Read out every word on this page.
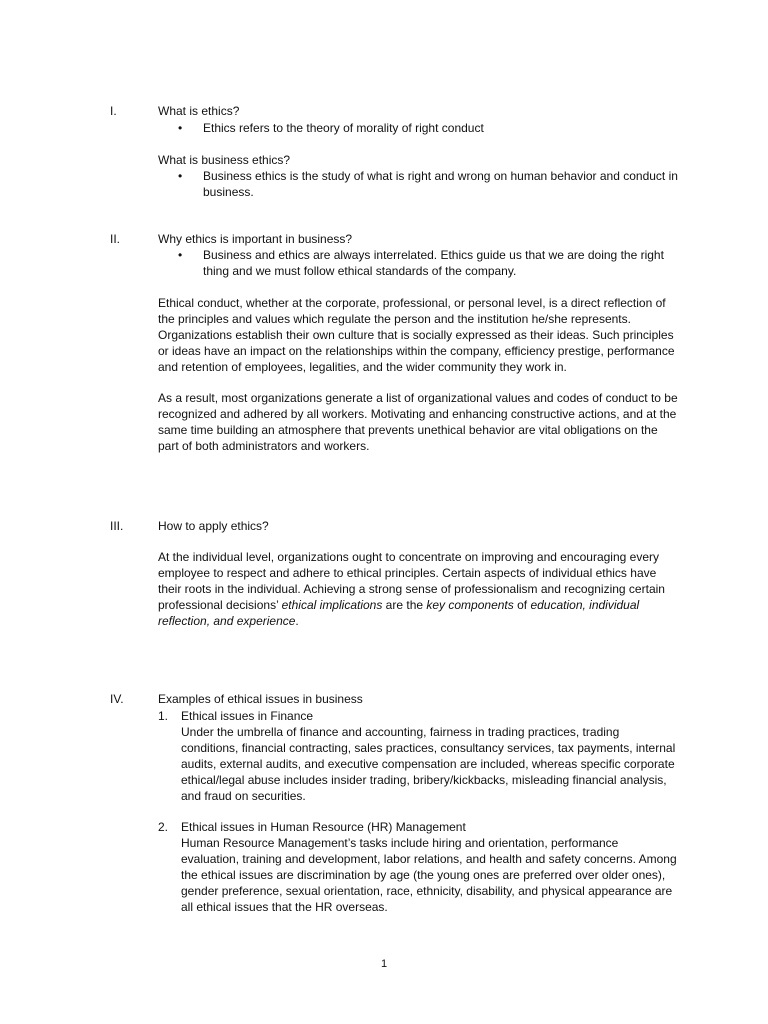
I.	What is ethics?
•	Ethics refers to the theory of morality of right conduct
What is business ethics?
•	Business ethics is the study of what is right and wrong on human behavior and conduct in business.
II.	Why ethics is important in business?
•	Business and ethics are always interrelated. Ethics guide us that we are doing the right thing and we must follow ethical standards of the company.
Ethical conduct, whether at the corporate, professional, or personal level, is a direct reflection of the principles and values which regulate the person and the institution he/she represents. Organizations establish their own culture that is socially expressed as their ideas. Such principles or ideas have an impact on the relationships within the company, efficiency prestige, performance and retention of employees, legalities, and the wider community they work in.
As a result, most organizations generate a list of organizational values and codes of conduct to be recognized and adhered by all workers. Motivating and enhancing constructive actions, and at the same time building an atmosphere that prevents unethical behavior are vital obligations on the part of both administrators and workers.
III.	How to apply ethics?
At the individual level, organizations ought to concentrate on improving and encouraging every employee to respect and adhere to ethical principles. Certain aspects of individual ethics have their roots in the individual. Achieving a strong sense of professionalism and recognizing certain professional decisions’ ethical implications are the key components of education, individual reflection, and experience.
IV.	Examples of ethical issues in business
1.	Ethical issues in Finance
Under the umbrella of finance and accounting, fairness in trading practices, trading conditions, financial contracting, sales practices, consultancy services, tax payments, internal audits, external audits, and executive compensation are included, whereas specific corporate ethical/legal abuse includes insider trading, bribery/kickbacks, misleading financial analysis, and fraud on securities.
2.	Ethical issues in Human Resource (HR) Management
Human Resource Management’s tasks include hiring and orientation, performance evaluation, training and development, labor relations, and health and safety concerns. Among the ethical issues are discrimination by age (the young ones are preferred over older ones), gender preference, sexual orientation, race, ethnicity, disability, and physical appearance are all ethical issues that the HR overseas.
1
